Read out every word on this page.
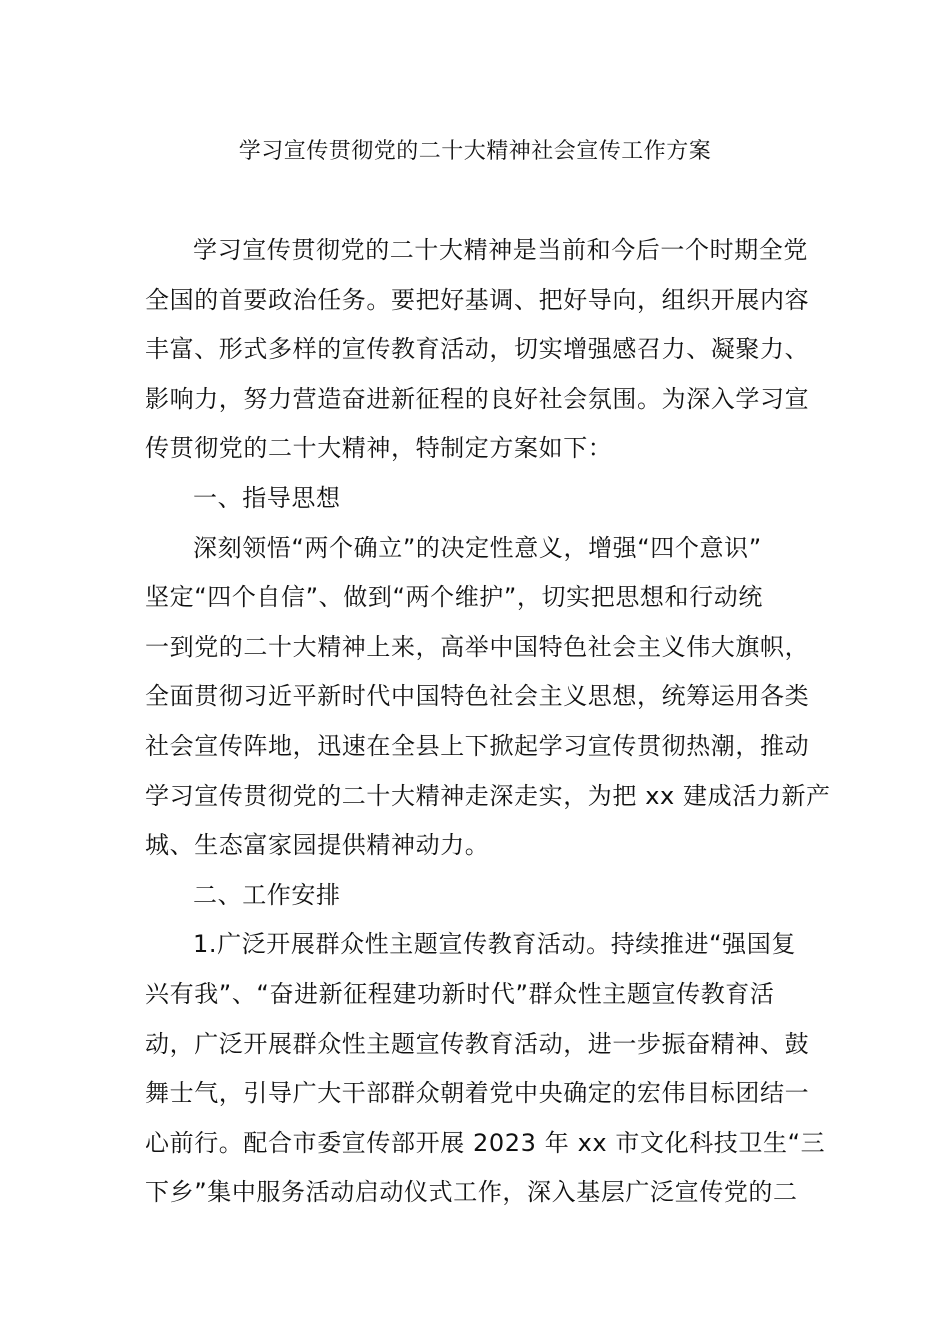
学习宣传贯彻党的二十大精神社会宣传工作方案
学习宣传贯彻党的二十大精神是当前和今后一个时期全党
全国的首要政治任务。要把好基调、把好导向，组织开展内容
丰富、形式多样的宣传教育活动，切实增强感召力、凝聚力、
影响力，努力营造奋进新征程的良好社会氛围。为深入学习宣
传贯彻党的二十大精神，特制定方案如下：
一、指导思想
深刻领悟“两个确立”的决定性意义，增强“四个意识”
坚定“四个自信”、做到“两个维护”，切实把思想和行动统
一到党的二十大精神上来，高举中国特色社会主义伟大旗帜，
全面贯彻习近平新时代中国特色社会主义思想，统筹运用各类
社会宣传阵地，迅速在全县上下掀起学习宣传贯彻热潮，推动
学习宣传贯彻党的二十大精神走深走实，为把 xx 建成活力新产
城、生态富家园提供精神动力。
二、工作安排
1.广泛开展群众性主题宣传教育活动。持续推进“强国复
兴有我”、“奋进新征程建功新时代”群众性主题宣传教育活
动，广泛开展群众性主题宣传教育活动，进一步振奋精神、鼓
舞士气，引导广大干部群众朝着党中央确定的宏伟目标团结一
心前行。配合市委宣传部开展 2023 年 xx 市文化科技卫生“三
下乡”集中服务活动启动仪式工作，深入基层广泛宣传党的二
